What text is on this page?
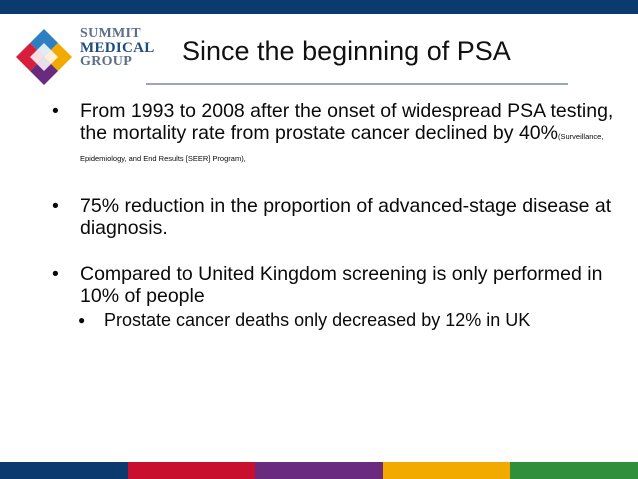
SUMMIT
MEDICAL
GROUP	Since the beginning of PSA
• From 1993 to 2008 after the onset of widespread PSA testing, the mortality rate from prostate cancer declined by 40%(Surveillance, Epidemiology, and End Results [SEER] Program),
• 75% reduction in the proportion of advanced-stage disease at diagnosis.
• Compared to United Kingdom screening is only performed in 10% of people
● Prostate cancer deaths only decreased by 12% in UK
